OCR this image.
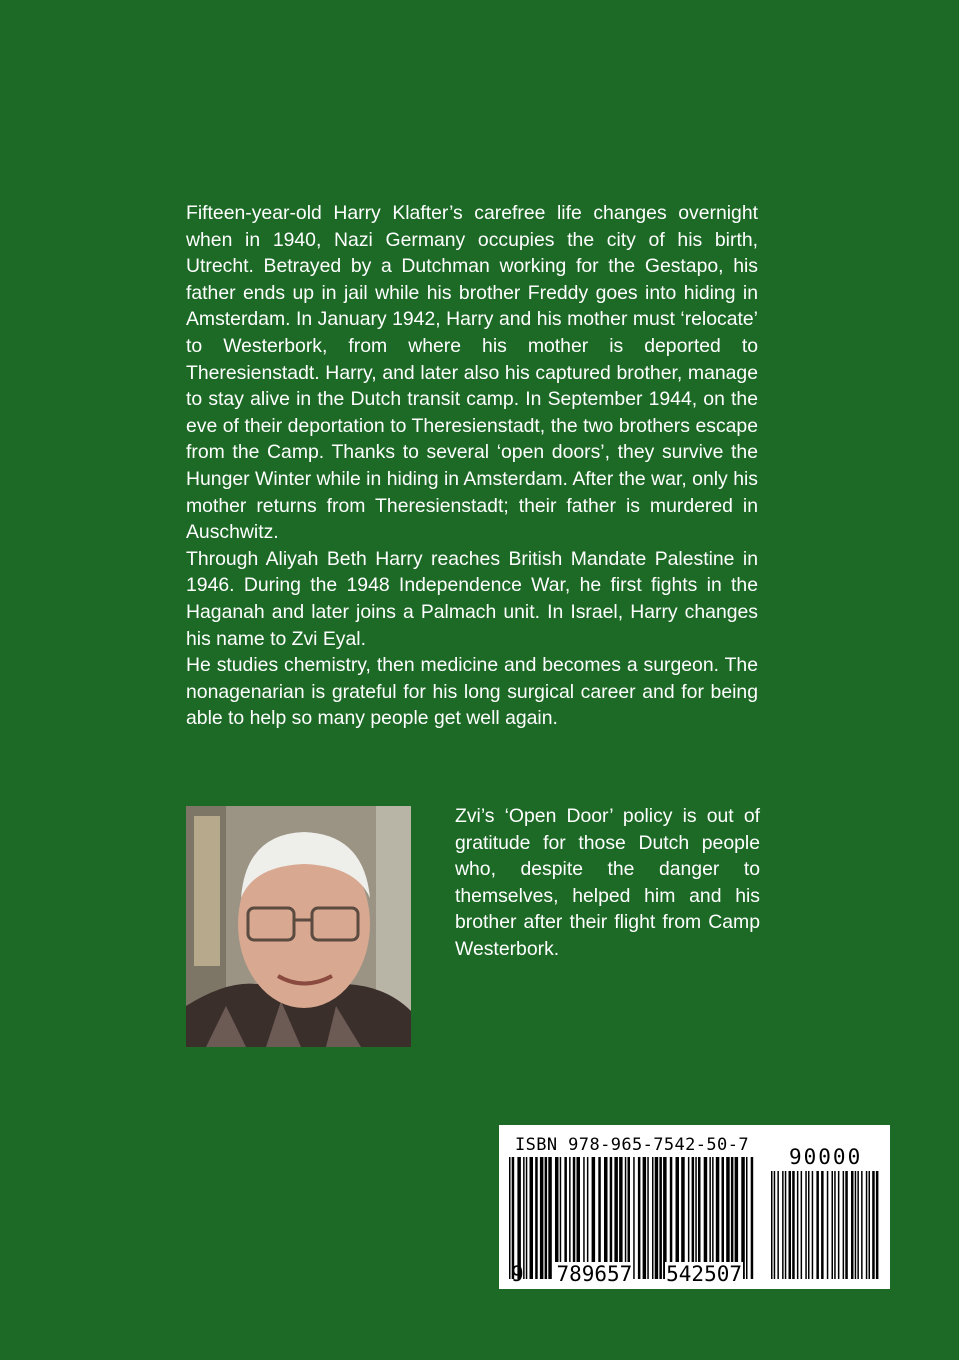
Fifteen-year-old Harry Klafter’s carefree life changes overnight when in 1940, Nazi Germany occupies the city of his birth, Utrecht. Betrayed by a Dutchman working for the Gestapo, his father ends up in jail while his brother Freddy goes into hiding in Amsterdam. In January 1942, Harry and his mother must ‘relocate’ to Westerbork, from where his mother is deported to Theresienstadt. Harry, and later also his captured brother, manage to stay alive in the Dutch transit camp. In September 1944, on the eve of their deportation to Theresienstadt, the two brothers escape from the Camp. Thanks to several ‘open doors’, they survive the Hunger Winter while in hiding in Amsterdam. After the war, only his mother returns from Theresienstadt; their father is murdered in Auschwitz.

Through Aliyah Beth Harry reaches British Mandate Palestine in 1946. During the 1948 Independence War, he first fights in the Haganah and later joins a Palmach unit. In Israel, Harry changes his name to Zvi Eyal.

He studies chemistry, then medicine and becomes a surgeon. The nonagenarian is grateful for his long surgical career and for being able to help so many people get well again.

Zvi’s ‘Open Door’ policy is out of gratitude for those Dutch people who, despite the danger to themselves, helped him and his brother after their flight from Camp Westerbork.

ISBN 978-965-7542-50-7 90000
9 789657 542507
